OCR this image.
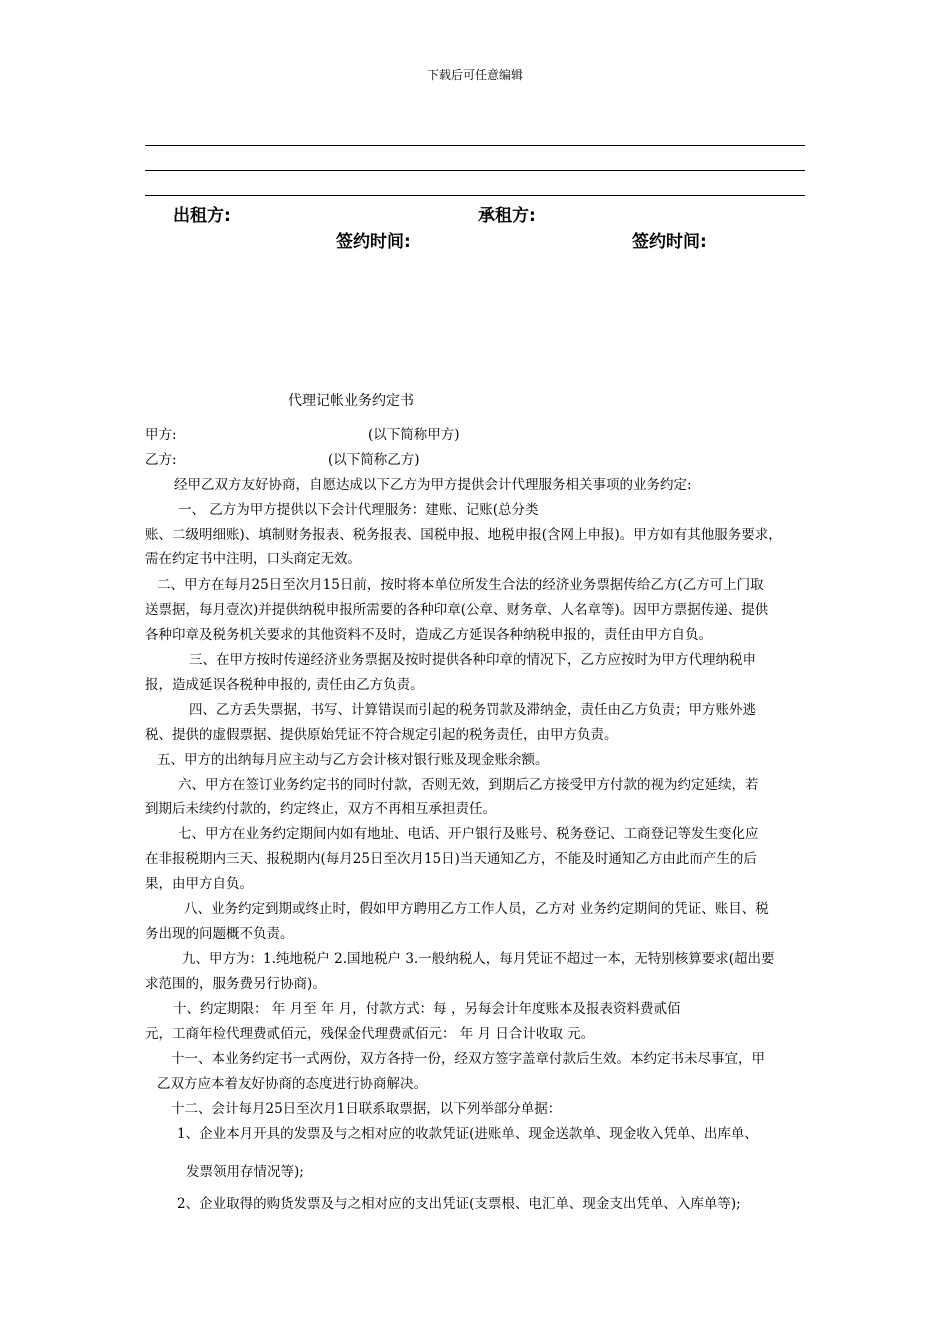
下载后可任意编辑
出租方:	承租方:
签约时间:	签约时间:
代理记帐业务约定书
甲方:	(以下简称甲方)
乙方:	(以下简称乙方)
经甲乙双方友好协商，自愿达成以下乙方为甲方提供会计代理服务相关事项的业务约定:
一、 乙方为甲方提供以下会计代理服务：建账、记账(总分类
账、二级明细账)、填制财务报表、税务报表、国税申报、地税申报(含网上申报)。甲方如有其他服务要求，
需在约定书中注明，口头商定无效。
二、甲方在每月25日至次月15日前，按时将本单位所发生合法的经济业务票据传给乙方(乙方可上门取
送票据，每月壹次)并提供纳税申报所需要的各种印章(公章、财务章、人名章等)。因甲方票据传递、提供
各种印章及税务机关要求的其他资料不及时，造成乙方延误各种纳税申报的，责任由甲方自负。
三、在甲方按时传递经济业务票据及按时提供各种印章的情况下，乙方应按时为甲方代理纳税申
报，造成延误各税种申报的, 责任由乙方负责。
四、乙方丢失票据，书写、计算错误而引起的税务罚款及滞纳金，责任由乙方负责；甲方账外逃
税、提供的虚假票据、提供原始凭证不符合规定引起的税务责任，由甲方负责。
五、甲方的出纳每月应主动与乙方会计核对银行账及现金账余额。
六、甲方在签订业务约定书的同时付款，否则无效，到期后乙方接受甲方付款的视为约定延续，若
到期后未续约付款的，约定终止，双方不再相互承担责任。
七、甲方在业务约定期间内如有地址、电话、开户银行及账号、税务登记、工商登记等发生变化应
在非报税期内三天、报税期内(每月25日至次月15日)当天通知乙方，不能及时通知乙方由此而产生的后
果，由甲方自负。
八、业务约定到期或终止时，假如甲方聘用乙方工作人员，乙方对 业务约定期间的凭证、账目、税
务出现的问题概不负责。
九、甲方为：1.纯地税户 2.国地税户 3.一般纳税人，每月凭证不超过一本，无特别核算要求(超出要
求范围的，服务费另行协商)。
十、约定期限： 年 月至 年 月，付款方式：每 ，另每会计年度账本及报表资料费贰佰
元，工商年检代理费贰佰元，残保金代理费贰佰元： 年 月 日合计收取 元。
十一、本业务约定书一式两份，双方各持一份，经双方签字盖章付款后生效。本约定书未尽事宜，甲
乙双方应本着友好协商的态度进行协商解决。
十二、会计每月25日至次月1日联系取票据，以下列举部分单据：
1、企业本月开具的发票及与之相对应的收款凭证(进账单、现金送款单、现金收入凭单、出库单、
发票领用存情况等);
2、企业取得的购货发票及与之相对应的支出凭证(支票根、电汇单、现金支出凭单、入库单等);
